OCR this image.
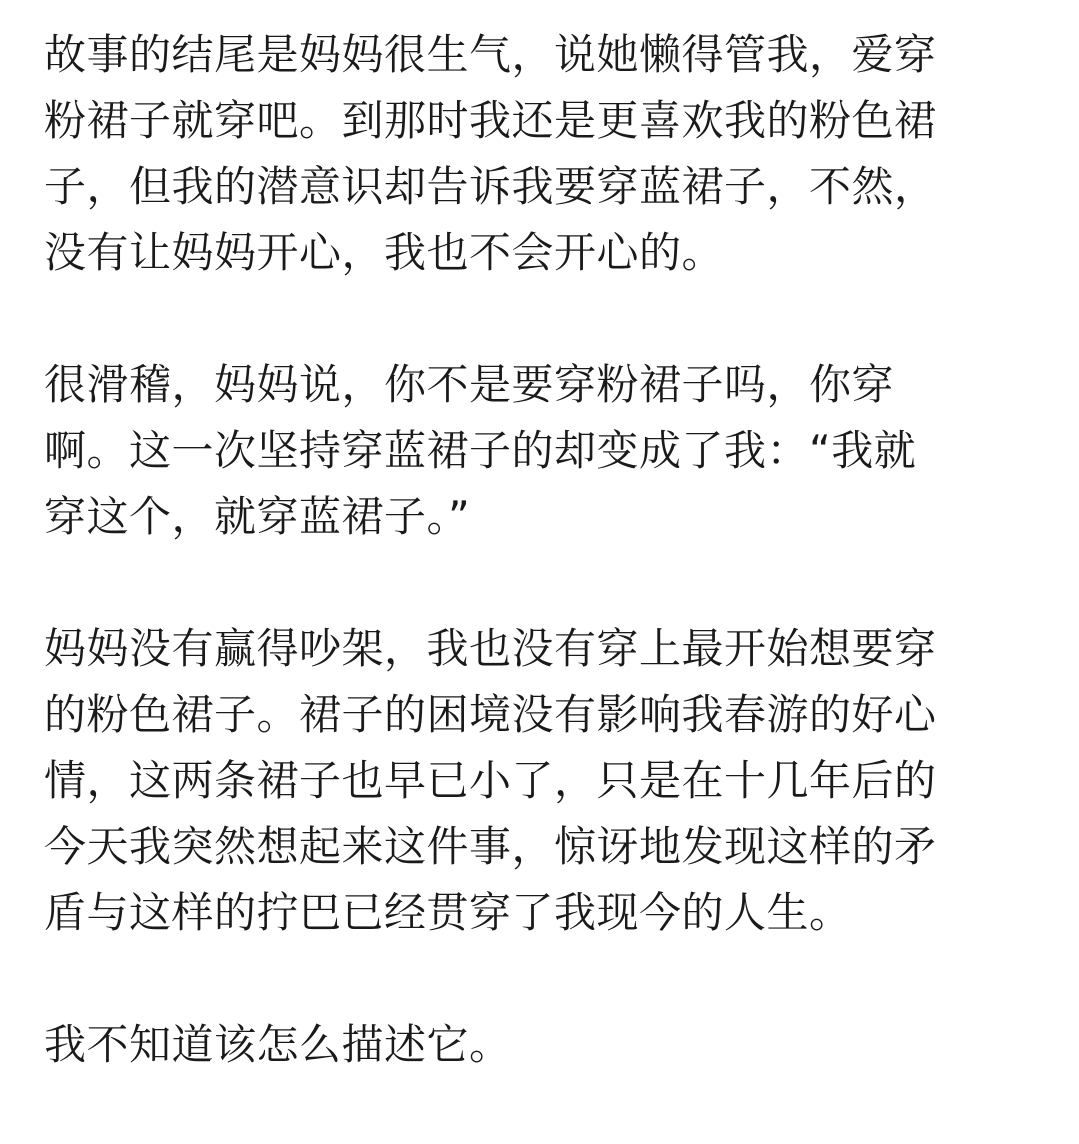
故事的结尾是妈妈很生气，说她懒得管我，爱穿
粉裙子就穿吧。到那时我还是更喜欢我的粉色裙
子，但我的潜意识却告诉我要穿蓝裙子，不然，
没有让妈妈开心，我也不会开心的。

很滑稽，妈妈说，你不是要穿粉裙子吗，你穿
啊。这一次坚持穿蓝裙子的却变成了我：“我就
穿这个，就穿蓝裙子。”

妈妈没有赢得吵架，我也没有穿上最开始想要穿
的粉色裙子。裙子的困境没有影响我春游的好心
情，这两条裙子也早已小了，只是在十几年后的
今天我突然想起来这件事，惊讶地发现这样的矛
盾与这样的拧巴已经贯穿了我现今的人生。

我不知道该怎么描述它。
